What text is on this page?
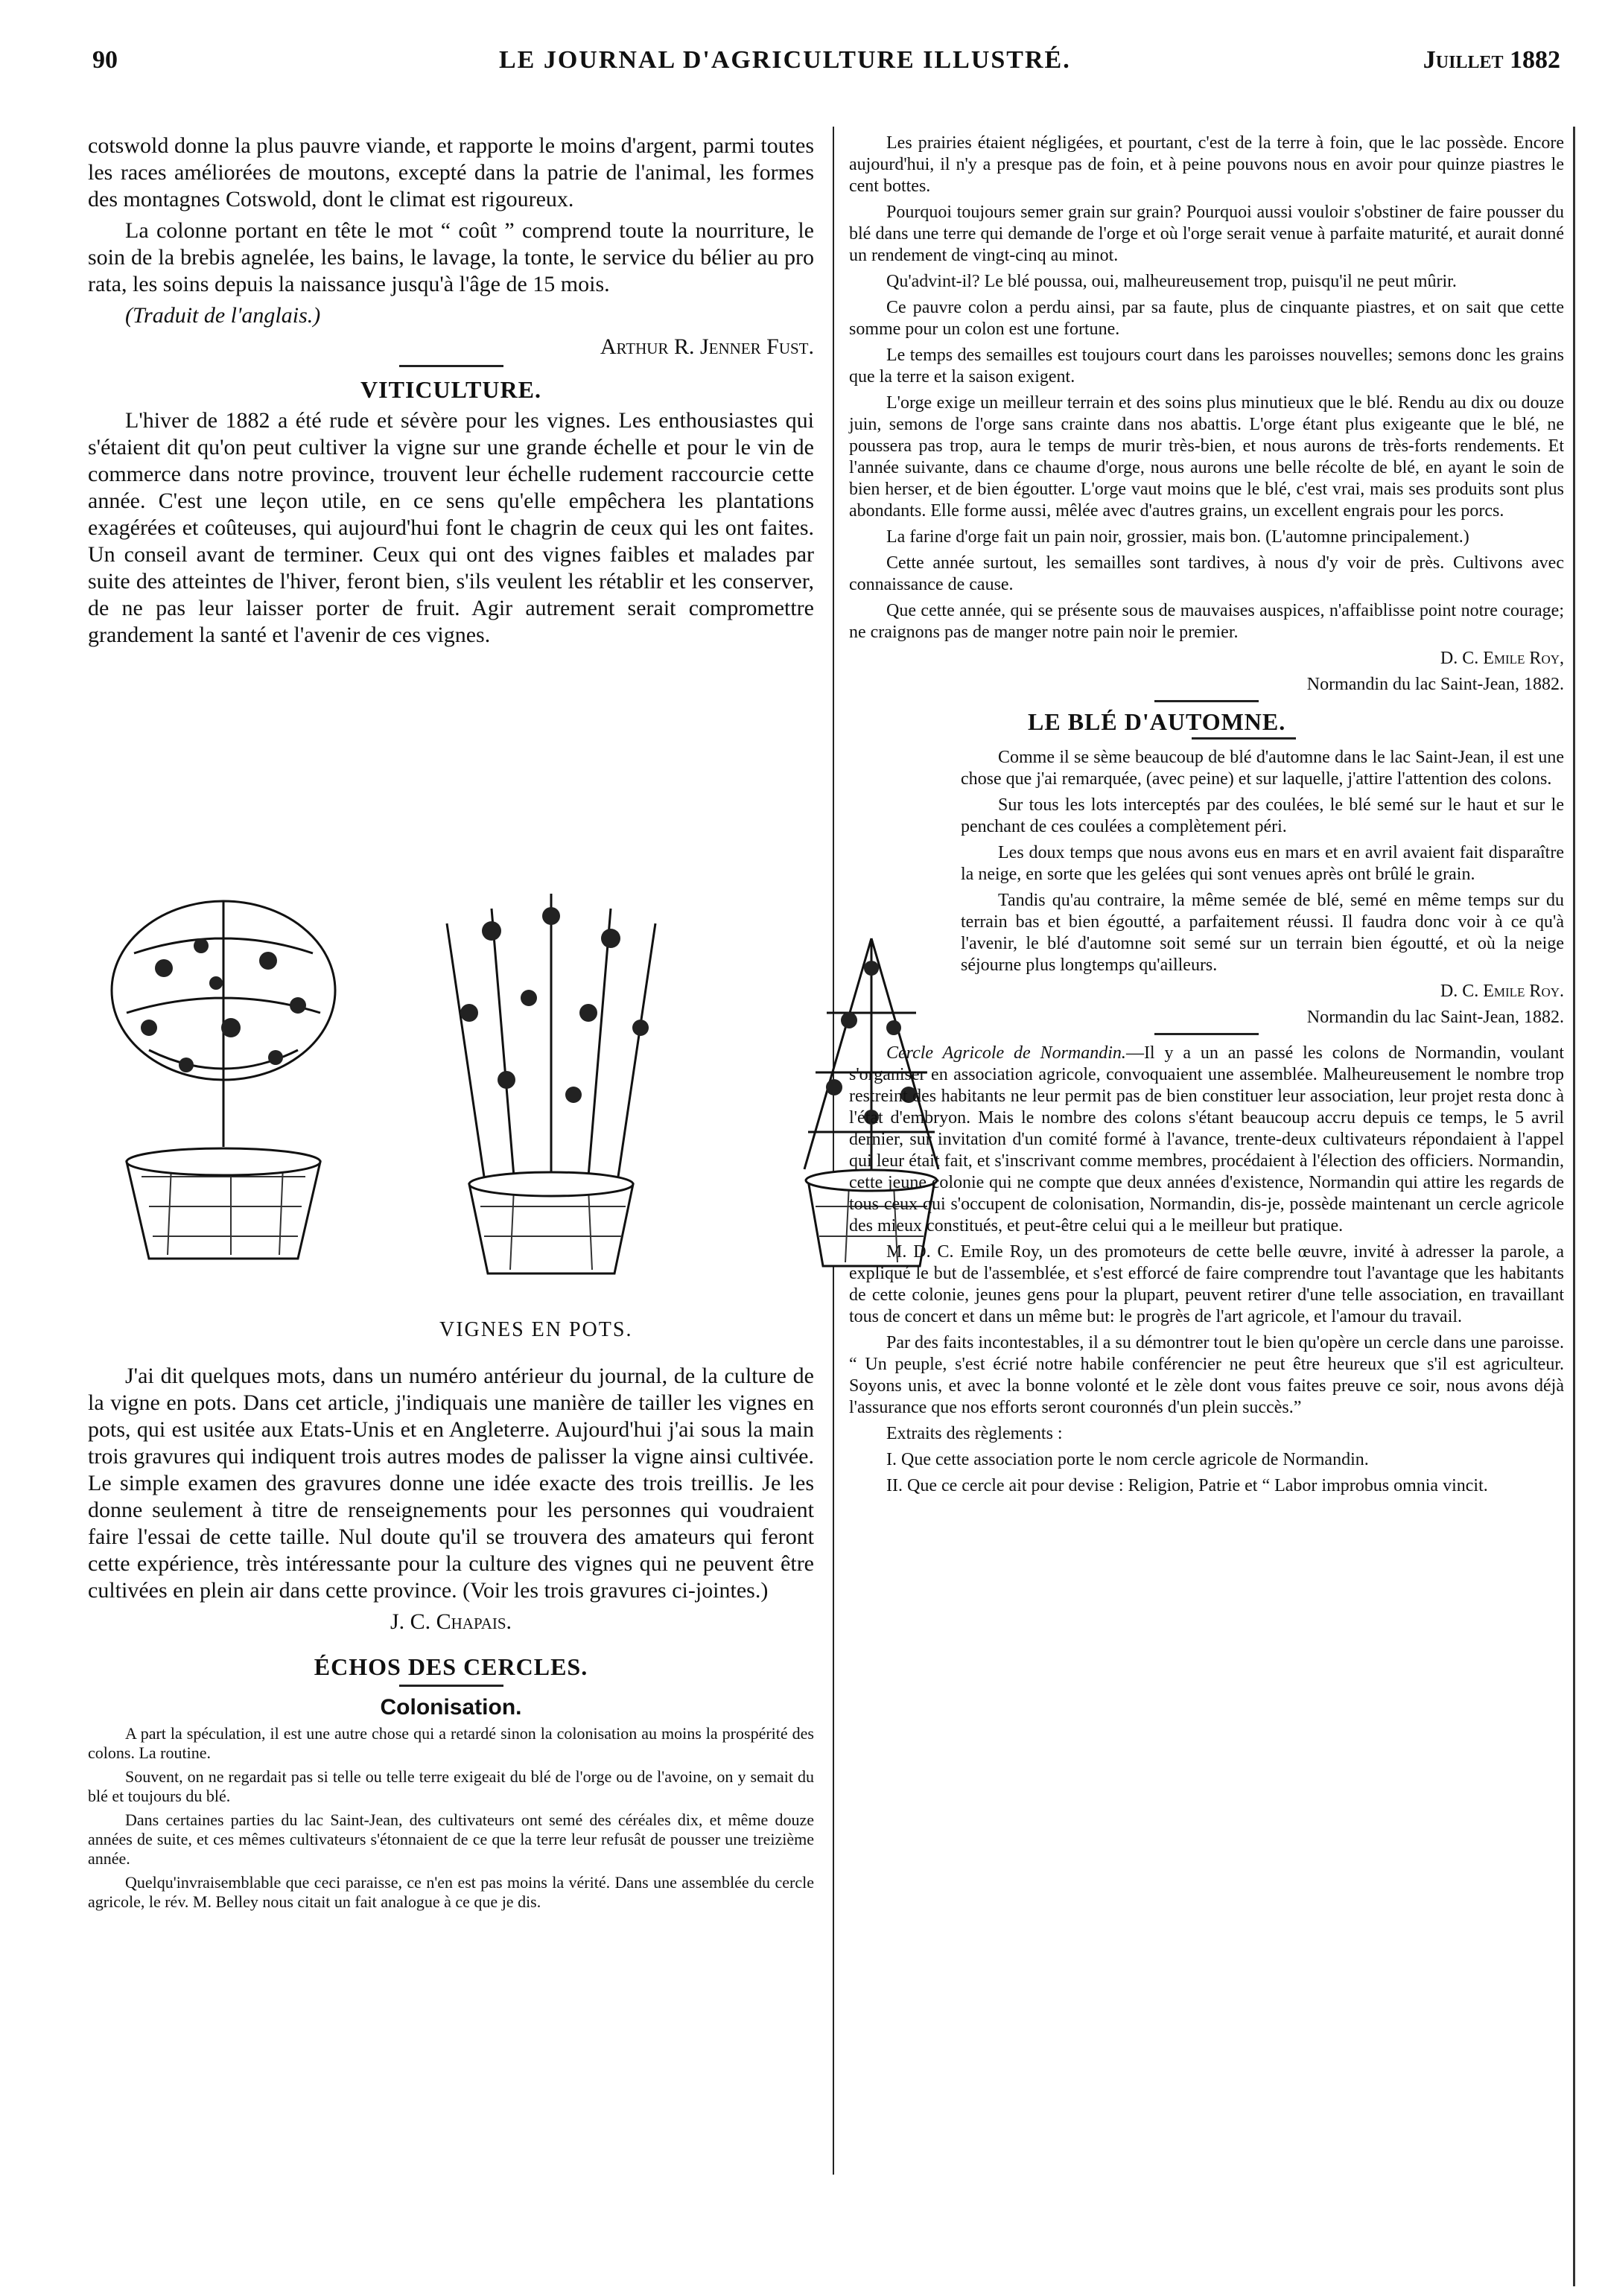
90	LE JOURNAL D'AGRICULTURE ILLUSTRÉ.	Juillet 1882

cotswold donne la plus pauvre viande, et rapporte le moins d'argent, parmi toutes les races améliorées de moutons, excepté dans la patrie de l'animal, les formes des montagnes Cotswold, dont le climat est rigoureux.

La colonne portant en tête le mot “ coût ” comprend toute la nourriture, le soin de la brebis agnelée, les bains, le lavage, la tonte, le service du bélier au pro rata, les soins depuis la naissance jusqu'à l'âge de 15 mois.

(Traduit de l'anglais.)

Arthur R. Jenner Fust.

VITICULTURE.

L'hiver de 1882 a été rude et sévère pour les vignes. Les enthousiastes qui s'étaient dit qu'on peut cultiver la vigne sur une grande échelle et pour le vin de commerce dans notre province, trouvent leur échelle rudement raccourcie cette année. C'est une leçon utile, en ce sens qu'elle empêchera les plantations exagérées et coûteuses, qui aujourd'hui font le chagrin de ceux qui les ont faites. Un conseil avant de terminer. Ceux qui ont des vignes faibles et malades par suite des atteintes de l'hiver, feront bien, s'ils veulent les rétablir et les conserver, de ne pas leur laisser porter de fruit. Agir autrement serait compromettre grandement la santé et l'avenir de ces vignes.

VIGNES EN POTS.

J'ai dit quelques mots, dans un numéro antérieur du journal, de la culture de la vigne en pots. Dans cet article, j'indiquais une manière de tailler les vignes en pots, qui est usitée aux Etats-Unis et en Angleterre. Aujourd'hui j'ai sous la main trois gravures qui indiquent trois autres modes de palisser la vigne ainsi cultivée. Le simple examen des gravures donne une idée exacte des trois treillis. Je les donne seulement à titre de renseignements pour les personnes qui voudraient faire l'essai de cette taille. Nul doute qu'il se trouvera des amateurs qui feront cette expérience, très intéressante pour la culture des vignes qui ne peuvent être cultivées en plein air dans cette province. (Voir les trois gravures ci-jointes.)

J. C. Chapais.

ÉCHOS DES CERCLES.
Colonisation.

A part la spéculation, il est une autre chose qui a retardé sinon la colonisation au moins la prospérité des colons. La routine.

Souvent, on ne regardait pas si telle ou telle terre exigeait du blé de l'orge ou de l'avoine, on y semait du blé et toujours du blé.

Dans certaines parties du lac Saint-Jean, des cultivateurs ont semé des céréales dix, et même douze années de suite, et ces mêmes cultivateurs s'étonnaient de ce que la terre leur refusât de pousser une treizième année.

Quelqu'invraisemblable que ceci paraisse, ce n'en est pas moins la vérité. Dans une assemblée du cercle agricole, le rév. M. Belley nous citait un fait analogue à ce que je dis.

Les prairies étaient négligées, et pourtant, c'est de la terre à foin, que le lac possède. Encore aujourd'hui, il n'y a presque pas de foin, et à peine pouvons nous en avoir pour quinze piastres le cent bottes.

Pourquoi toujours semer grain sur grain? Pourquoi aussi vouloir s'obstiner de faire pousser du blé dans une terre qui demande de l'orge et où l'orge serait venue à parfaite maturité, et aurait donné un rendement de vingt-cinq au minot.

Qu'advint-il? Le blé poussa, oui, malheureusement trop, puisqu'il ne peut mûrir.

Ce pauvre colon a perdu ainsi, par sa faute, plus de cinquante piastres, et on sait que cette somme pour un colon est une fortune.

Le temps des semailles est toujours court dans les paroisses nouvelles; semons donc les grains que la terre et la saison exigent.

L'orge exige un meilleur terrain et des soins plus minutieux que le blé. Rendu au dix ou douze juin, semons de l'orge sans crainte dans nos abattis. L'orge étant plus exigeante que le blé, ne poussera pas trop, aura le temps de murir très-bien, et nous aurons de très-forts rendements. Et l'année suivante, dans ce chaume d'orge, nous aurons une belle récolte de blé, en ayant le soin de bien herser, et de bien égoutter. L'orge vaut moins que le blé, c'est vrai, mais ses produits sont plus abondants. Elle forme aussi, mêlée avec d'autres grains, un excellent engrais pour les porcs.

La farine d'orge fait un pain noir, grossier, mais bon. (L'automne principalement.)

Cette année surtout, les semailles sont tardives, à nous d'y voir de près. Cultivons avec connaissance de cause.

Que cette année, qui se présente sous de mauvaises auspices, n'affaiblisse point notre courage; ne craignons pas de manger notre pain noir le premier.

D. C. Emile Roy,

Normandin du lac Saint-Jean, 1882.

LE BLÉ D'AUTOMNE.

Comme il se sème beaucoup de blé d'automne dans le lac Saint-Jean, il est une chose que j'ai remarquée, (avec peine) et sur laquelle, j'attire l'attention des colons.

Sur tous les lots interceptés par des coulées, le blé semé sur le haut et sur le penchant de ces coulées a complètement péri.

Les doux temps que nous avons eus en mars et en avril avaient fait disparaître la neige, en sorte que les gelées qui sont venues après ont brûlé le grain.

Tandis qu'au contraire, la même semée de blé, semé en même temps sur du terrain bas et bien égoutté, a parfaitement réussi. Il faudra donc voir à ce qu'à l'avenir, le blé d'automne soit semé sur un terrain bien égoutté, et où la neige séjourne plus longtemps qu'ailleurs.

D. C. Emile Roy.

Normandin du lac Saint-Jean, 1882.

Cercle Agricole de Normandin.—Il y a un an passé les colons de Normandin, voulant s'organiser en association agricole, convoquaient une assemblée. Malheureusement le nombre trop restreint des habitants ne leur permit pas de bien constituer leur association, leur projet resta donc à l'état d'embryon. Mais le nombre des colons s'étant beaucoup accru depuis ce temps, le 5 avril dernier, sur invitation d'un comité formé à l'avance, trente-deux cultivateurs répondaient à l'appel qui leur était fait, et s'inscrivant comme membres, procédaient à l'élection des officiers. Normandin, cette jeune colonie qui ne compte que deux années d'existence, Normandin qui attire les regards de tous ceux qui s'occupent de colonisation, Normandin, dis-je, possède maintenant un cercle agricole des mieux constitués, et peut-être celui qui a le meilleur but pratique.

M. D. C. Emile Roy, un des promoteurs de cette belle œuvre, invité à adresser la parole, a expliqué le but de l'assemblée, et s'est efforcé de faire comprendre tout l'avantage que les habitants de cette colonie, jeunes gens pour la plupart, peuvent retirer d'une telle association, en travaillant tous de concert et dans un même but: le progrès de l'art agricole, et l'amour du travail.

Par des faits incontestables, il a su démontrer tout le bien qu'opère un cercle dans une paroisse. “ Un peuple, s'est écrié notre habile conférencier ne peut être heureux que s'il est agriculteur. Soyons unis, et avec la bonne volonté et le zèle dont vous faites preuve ce soir, nous avons déjà l'assurance que nos efforts seront couronnés d'un plein succès.”

Extraits des règlements :

I. Que cette association porte le nom cercle agricole de Normandin.

II. Que ce cercle ait pour devise : Religion, Patrie et “ Labor improbus omnia vincit.
